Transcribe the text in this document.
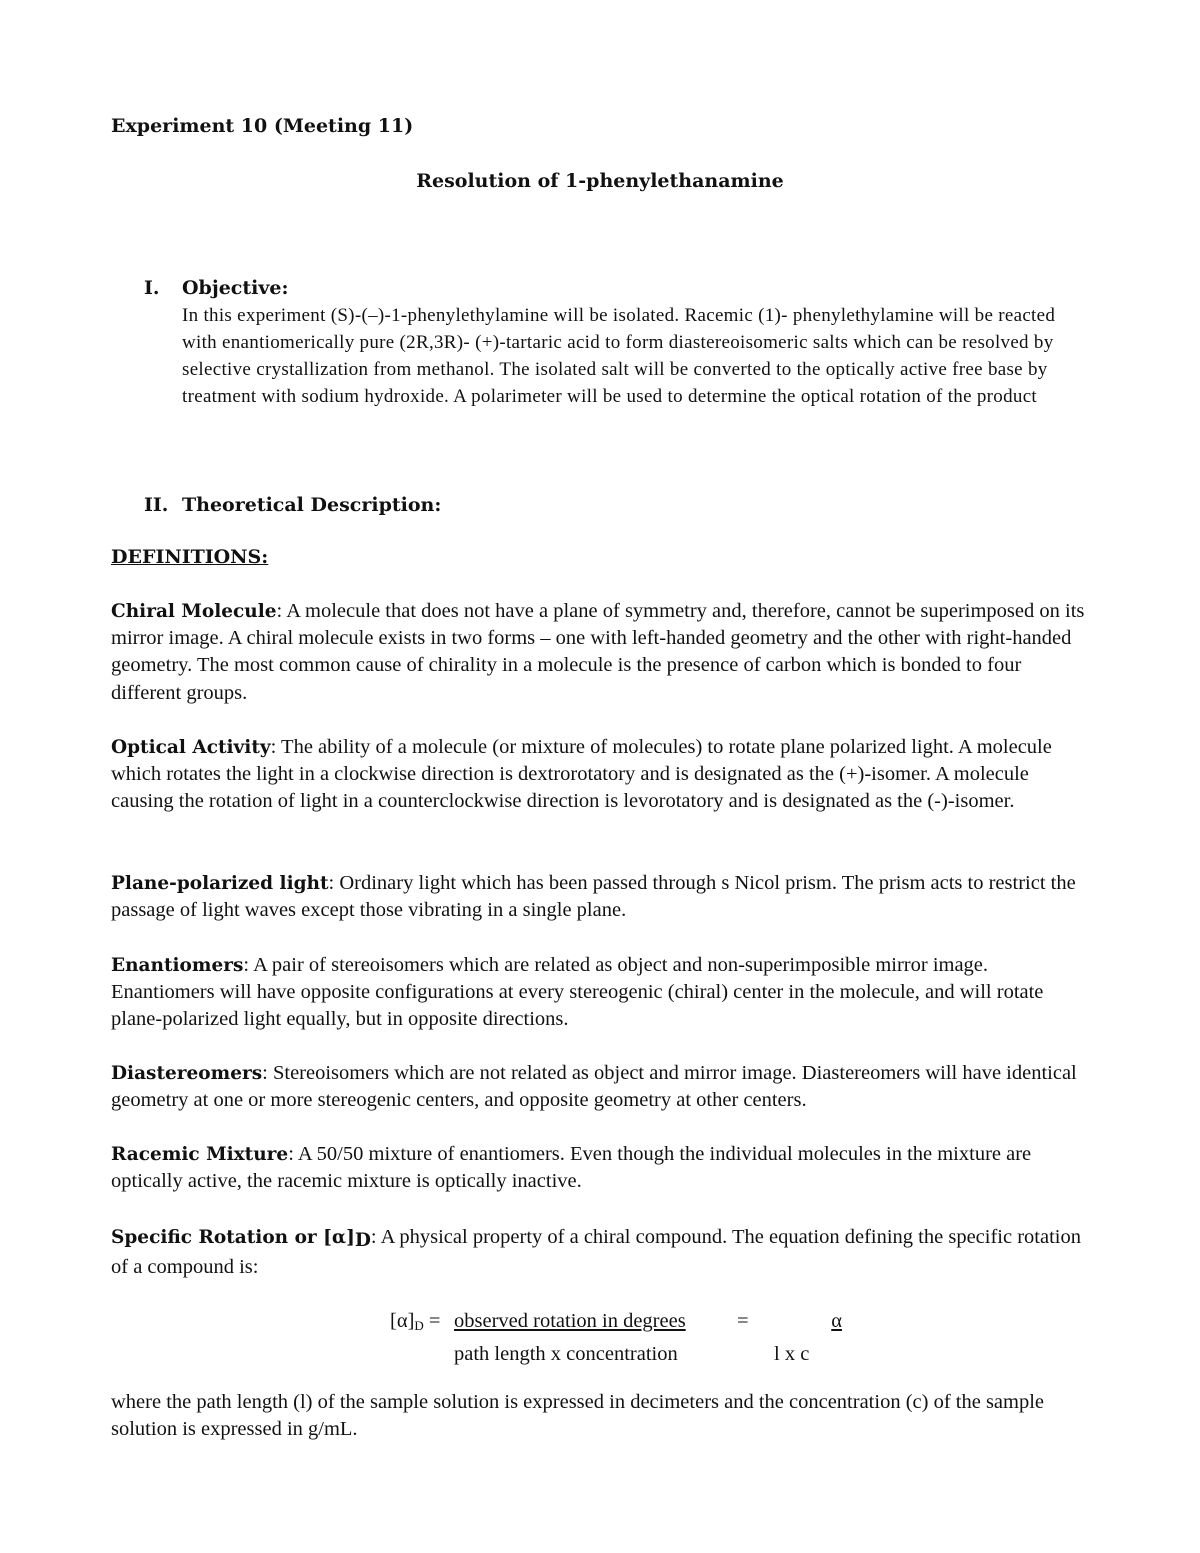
Experiment 10 (Meeting 11)
Resolution of 1-phenylethanamine
I.	Objective:
In this experiment (S)-(–)-1-phenylethylamine will be isolated. Racemic (1)- phenylethylamine will be reacted with enantiomerically pure (2R,3R)- (+)-tartaric acid to form diastereoisomeric salts which can be resolved by selective crystallization from methanol. The isolated salt will be converted to the optically active free base by treatment with sodium hydroxide. A polarimeter will be used to determine the optical rotation of the product
II. Theoretical Description:
DEFINITIONS:
Chiral Molecule: A molecule that does not have a plane of symmetry and, therefore, cannot be superimposed on its mirror image. A chiral molecule exists in two forms – one with left-handed geometry and the other with right-handed geometry. The most common cause of chirality in a molecule is the presence of carbon which is bonded to four different groups.
Optical Activity: The ability of a molecule (or mixture of molecules) to rotate plane polarized light. A molecule which rotates the light in a clockwise direction is dextrorotatory and is designated as the (+)-isomer. A molecule causing the rotation of light in a counterclockwise direction is levorotatory and is designated as the (-)-isomer.
Plane-polarized light: Ordinary light which has been passed through s Nicol prism. The prism acts to restrict the passage of light waves except those vibrating in a single plane.
Enantiomers: A pair of stereoisomers which are related as object and non-superimposible mirror image. Enantiomers will have opposite configurations at every stereogenic (chiral) center in the molecule, and will rotate plane-polarized light equally, but in opposite directions.
Diastereomers: Stereoisomers which are not related as object and mirror image. Diastereomers will have identical geometry at one or more stereogenic centers, and opposite geometry at other centers.
Racemic Mixture: A 50/50 mixture of enantiomers. Even though the individual molecules in the mixture are optically active, the racemic mixture is optically inactive.
Specific Rotation or [α]D: A physical property of a chiral compound. The equation defining the specific rotation of a compound is:
$[\alpha]_D$ = observed rotation in degrees	=	α
path length x concentration	l x c
where the path length (l) of the sample solution is expressed in decimeters and the concentration (c) of the sample solution is expressed in g/mL.
